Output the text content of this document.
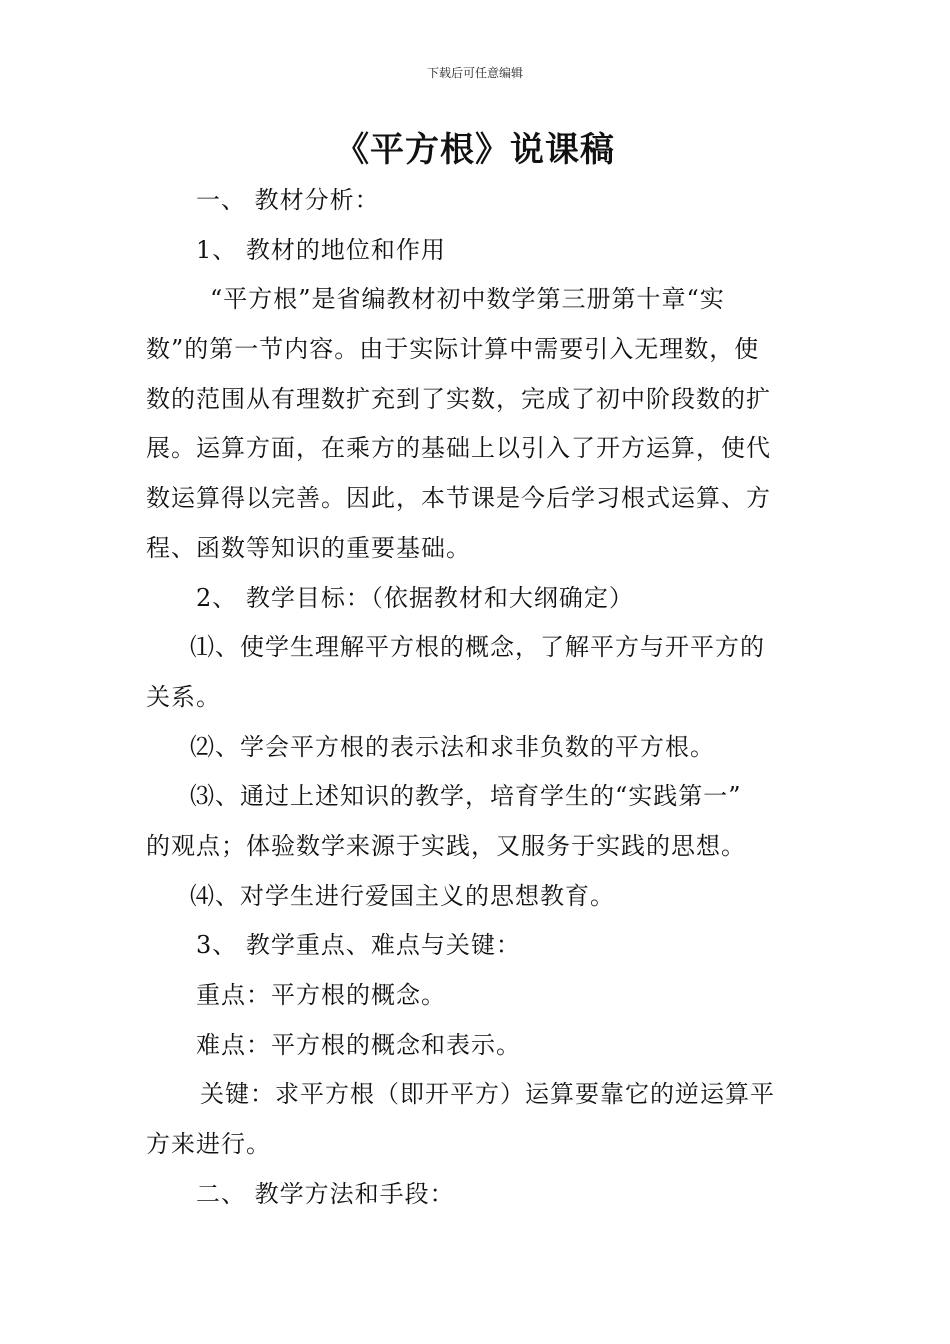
下载后可任意编辑
《平方根》说课稿
一、 教材分析：
1、 教材的地位和作用
“平方根”是省编教材初中数学第三册第十章“实
数”的第一节内容。由于实际计算中需要引入无理数，使
数的范围从有理数扩充到了实数，完成了初中阶段数的扩
展。运算方面，在乘方的基础上以引入了开方运算，使代
数运算得以完善。因此，本节课是今后学习根式运算、方
程、函数等知识的重要基础。
2、 教学目标：（依据教材和大纲确定）
⑴、使学生理解平方根的概念，了解平方与开平方的
关系。
⑵、学会平方根的表示法和求非负数的平方根。
⑶、通过上述知识的教学，培育学生的“实践第一”
的观点；体验数学来源于实践，又服务于实践的思想。
⑷、对学生进行爱国主义的思想教育。
3、 教学重点、难点与关键：
重点：平方根的概念。
难点：平方根的概念和表示。
关键：求平方根（即开平方）运算要靠它的逆运算平
方来进行。
二、 教学方法和手段：
